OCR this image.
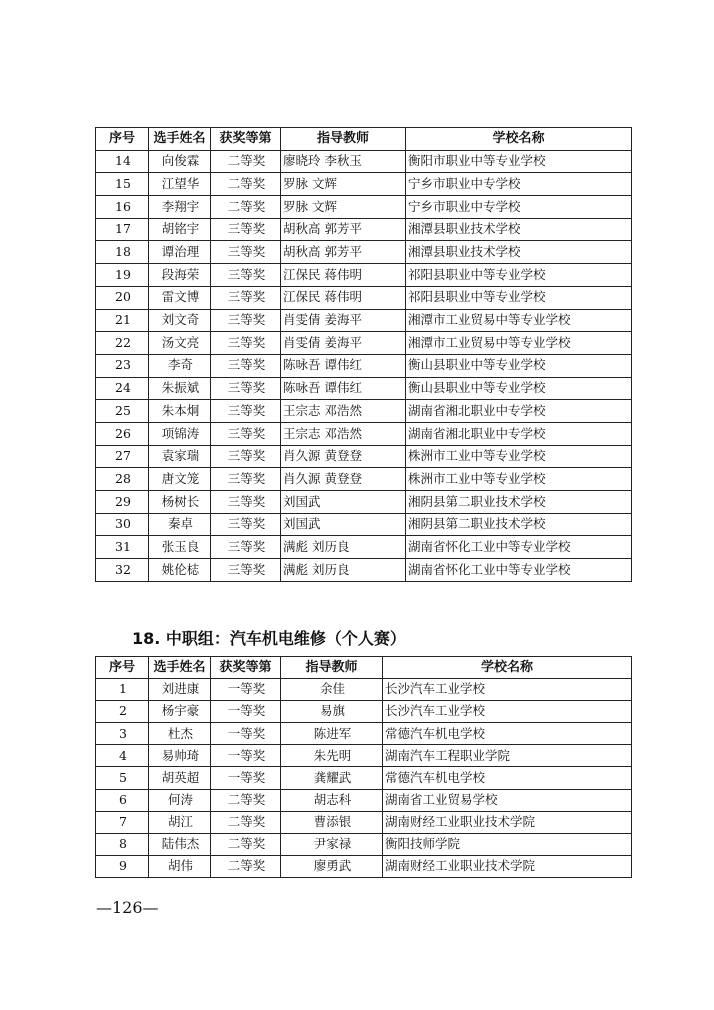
序号	选手姓名	获奖等第	指导教师	学校名称
14	向俊霖	二等奖	廖晓玲 李秋玉	衡阳市职业中等专业学校
15	江望华	二等奖	罗脉 文辉	宁乡市职业中专学校
16	李翔宇	二等奖	罗脉 文辉	宁乡市职业中专学校
17	胡铭宇	三等奖	胡秋高 郭芳平	湘潭县职业技术学校
18	谭治理	三等奖	胡秋高 郭芳平	湘潭县职业技术学校
19	段海荣	三等奖	江保民 蒋伟明	祁阳县职业中等专业学校
20	雷文博	三等奖	江保民 蒋伟明	祁阳县职业中等专业学校
21	刘文奇	三等奖	肖雯倩 姜海平	湘潭市工业贸易中等专业学校
22	汤文亮	三等奖	肖雯倩 姜海平	湘潭市工业贸易中等专业学校
23	李奇	三等奖	陈咏吾 谭伟红	衡山县职业中等专业学校
24	朱振斌	三等奖	陈咏吾 谭伟红	衡山县职业中等专业学校
25	朱本炯	三等奖	王宗志 邓浩然	湖南省湘北职业中专学校
26	项锦涛	三等奖	王宗志 邓浩然	湖南省湘北职业中专学校
27	袁家瑞	三等奖	肖久源 黄登登	株洲市工业中等专业学校
28	唐文笼	三等奖	肖久源 黄登登	株洲市工业中等专业学校
29	杨树长	三等奖	刘国武	湘阴县第二职业技术学校
30	秦卓	三等奖	刘国武	湘阴县第二职业技术学校
31	张玉良	三等奖	满彪 刘历良	湖南省怀化工业中等专业学校
32	姚伦梽	三等奖	满彪 刘历良	湖南省怀化工业中等专业学校
18. 中职组：汽车机电维修（个人赛）
序号	选手姓名	获奖等第	指导教师	学校名称
1	刘进康	一等奖	余佳	长沙汽车工业学校
2	杨宇豪	一等奖	易旗	长沙汽车工业学校
3	杜杰	一等奖	陈进军	常德汽车机电学校
4	易帅琦	一等奖	朱先明	湖南汽车工程职业学院
5	胡英超	一等奖	龚耀武	常德汽车机电学校
6	何涛	二等奖	胡志科	湖南省工业贸易学校
7	胡江	二等奖	曹添银	湖南财经工业职业技术学院
8	陆伟杰	二等奖	尹家禄	衡阳技师学院
9	胡伟	二等奖	廖勇武	湖南财经工业职业技术学院
—126—
